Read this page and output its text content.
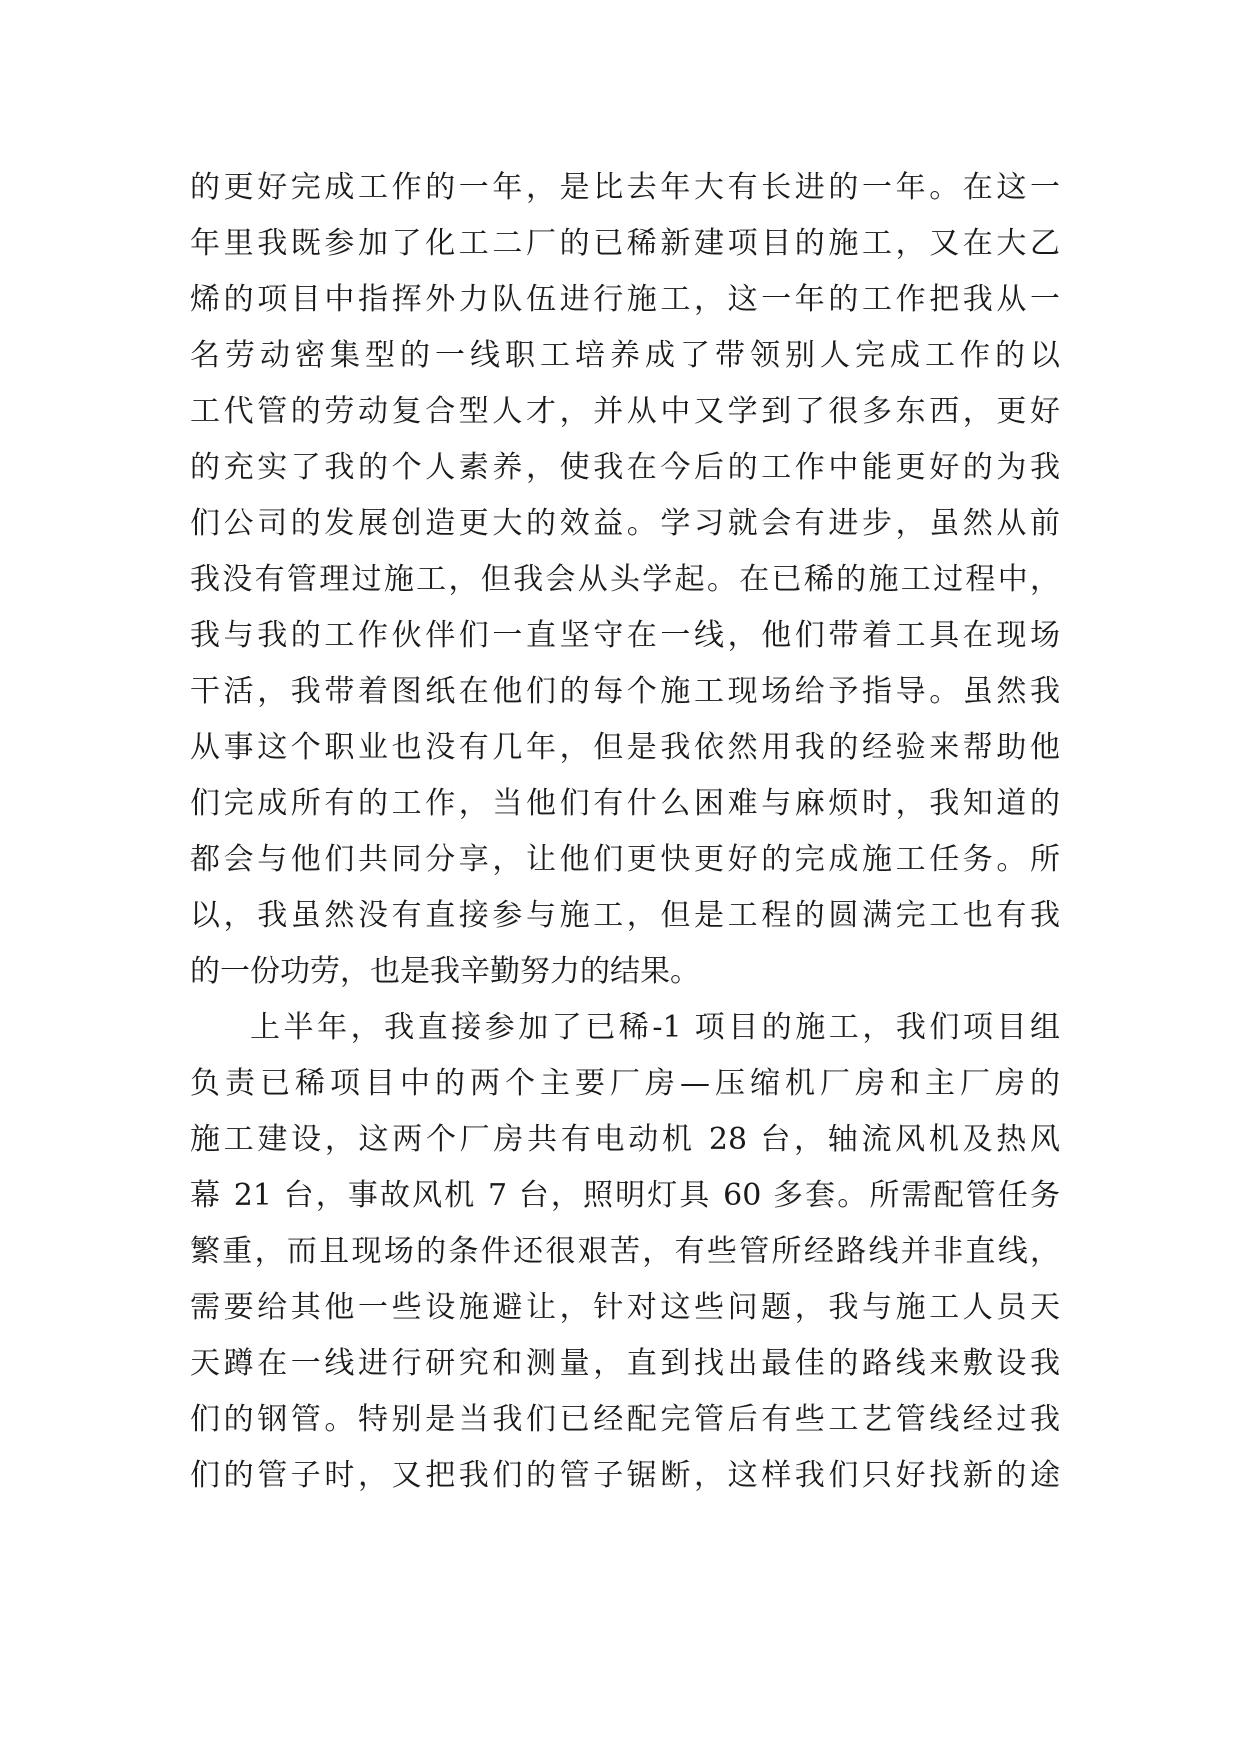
的更好完成工作的一年，是比去年大有长进的一年。在这一
年里我既参加了化工二厂的已稀新建项目的施工，又在大乙
烯的项目中指挥外力队伍进行施工，这一年的工作把我从一
名劳动密集型的一线职工培养成了带领别人完成工作的以
工代管的劳动复合型人才，并从中又学到了很多东西，更好
的充实了我的个人素养，使我在今后的工作中能更好的为我
们公司的发展创造更大的效益。学习就会有进步，虽然从前
我没有管理过施工，但我会从头学起。在已稀的施工过程中，
我与我的工作伙伴们一直坚守在一线，他们带着工具在现场
干活，我带着图纸在他们的每个施工现场给予指导。虽然我
从事这个职业也没有几年，但是我依然用我的经验来帮助他
们完成所有的工作，当他们有什么困难与麻烦时，我知道的
都会与他们共同分享，让他们更快更好的完成施工任务。所
以，我虽然没有直接参与施工，但是工程的圆满完工也有我
的一份功劳，也是我辛勤努力的结果。
上半年，我直接参加了已稀-1 项目的施工，我们项目组
负责已稀项目中的两个主要厂房—压缩机厂房和主厂房的
施工建设，这两个厂房共有电动机 28 台，轴流风机及热风
幕 21 台，事故风机 7 台，照明灯具 60 多套。所需配管任务
繁重，而且现场的条件还很艰苦，有些管所经路线并非直线，
需要给其他一些设施避让，针对这些问题，我与施工人员天
天蹲在一线进行研究和测量，直到找出最佳的路线来敷设我
们的钢管。特别是当我们已经配完管后有些工艺管线经过我
们的管子时，又把我们的管子锯断，这样我们只好找新的途
